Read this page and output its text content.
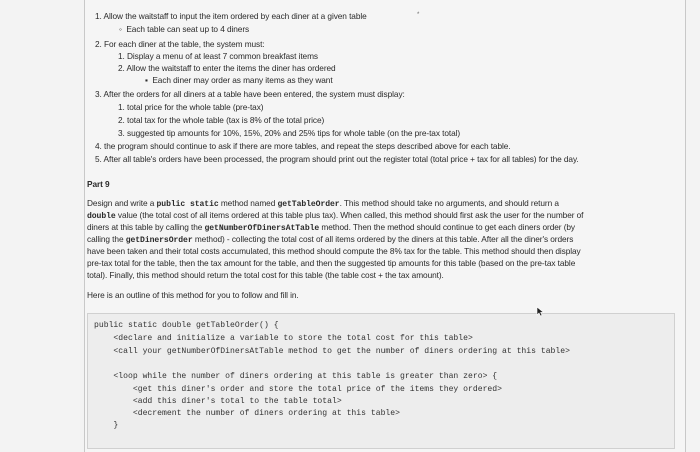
1. Allow the waitstaff to input the item ordered by each diner at a given table	*
◦ Each table can seat up to 4 diners
2. For each diner at the table, the system must:
1. Display a menu of at least 7 common breakfast items
2. Allow the waitstaff to enter the items the diner has ordered
▪ Each diner may order as many items as they want
3. After the orders for all diners at a table have been entered, the system must display:
1. total price for the whole table (pre-tax)
2. total tax for the whole table (tax is 8% of the total price)
3. suggested tip amounts for 10%, 15%, 20% and 25% tips for whole table (on the pre-tax total)
4. the program should continue to ask if there are more tables, and repeat the steps described above for each table.
5. After all table's orders have been processed, the program should print out the register total (total price + tax for all tables) for the day.
Part 9
Design and write a public static method named getTableOrder. This method should take no arguments, and should return a
double value (the total cost of all items ordered at this table plus tax). When called, this method should first ask the user for the number of
diners at this table by calling the getNumberOfDinersAtTable method. Then the method should continue to get each diners order (by
calling the getDinersOrder method) - collecting the total cost of all items ordered by the diners at this table. After all the diner's orders
have been taken and their total costs accumulated, this method should compute the 8% tax for the table. This method should then display
pre-tax total for the table, then the tax amount for the table, and then the suggested tip amounts for this table (based on the pre-tax table
total). Finally, this method should return the total cost for this table (the table cost + the tax amount).
Here is an outline of this method for you to follow and fill in.
public static double getTableOrder() {
<declare and initialize a variable to store the total cost for this table>
<call your getNumberOfDinersAtTable method to get the number of diners ordering at this table>
<loop while the number of diners ordering at this table is greater than zero> {
<get this diner's order and store the total price of the items they ordered>
<add this diner's total to the table total>
<decrement the number of diners ordering at this table>
}
